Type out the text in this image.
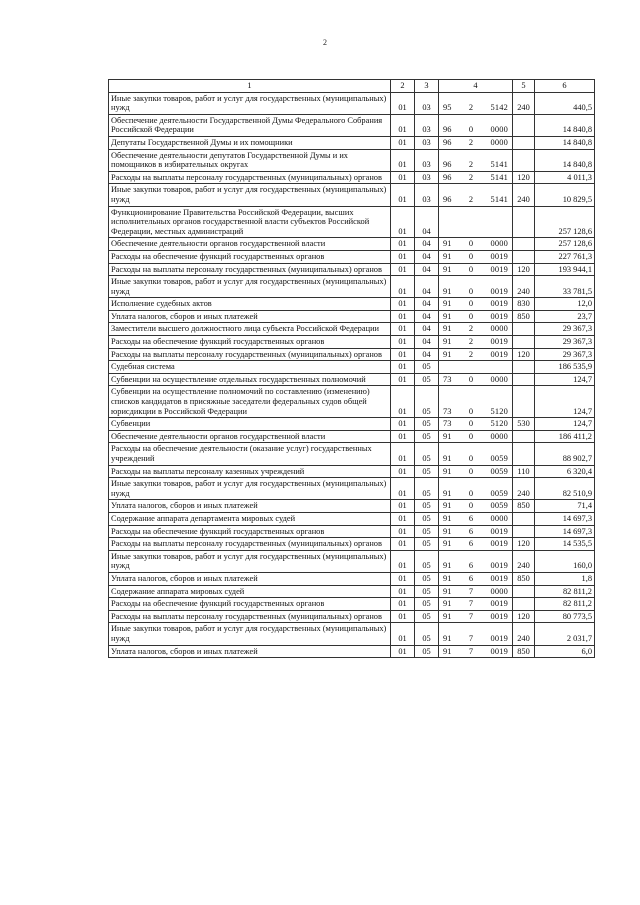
2
1	2	3	4	5	6
Иные закупки товаров, работ и услуг для государственных (муниципальных) нужд	01	03	95 2 5142	240	440,5
Обеспечение деятельности Государственной Думы Федерального Собрания Российской Федерации	01	03	96 0 0000		14 840,8
Депутаты Государственной Думы и их помощники	01	03	96 2 0000		14 840,8
Обеспечение деятельности депутатов Государственной Думы и их помощников в избирательных округах	01	03	96 2 5141		14 840,8
Расходы на выплаты персоналу государственных (муниципальных) органов	01	03	96 2 5141	120	4 011,3
Иные закупки товаров, работ и услуг для государственных (муниципальных) нужд	01	03	96 2 5141	240	10 829,5
Функционирование Правительства Российской Федерации, высших исполнительных органов государственной власти субъектов Российской Федерации, местных администраций	01	04			257 128,6
Обеспечение деятельности органов государственной власти	01	04	91 0 0000		257 128,6
Расходы на обеспечение функций государственных органов	01	04	91 0 0019		227 761,3
Расходы на выплаты персоналу государственных (муниципальных) органов	01	04	91 0 0019	120	193 944,1
Иные закупки товаров, работ и услуг для государственных (муниципальных) нужд	01	04	91 0 0019	240	33 781,5
Исполнение судебных актов	01	04	91 0 0019	830	12,0
Уплата налогов, сборов и иных платежей	01	04	91 0 0019	850	23,7
Заместители высшего должностного лица субъекта Российской Федерации	01	04	91 2 0000		29 367,3
Расходы на обеспечение функций государственных органов	01	04	91 2 0019		29 367,3
Расходы на выплаты персоналу государственных (муниципальных) органов	01	04	91 2 0019	120	29 367,3
Судебная система	01	05			186 535,9
Субвенции на осуществление отдельных государственных полномочий	01	05	73 0 0000		124,7
Субвенции на осуществление полномочий по составлению (изменению) списков кандидатов в присяжные заседатели федеральных судов общей юрисдикции в Российской Федерации	01	05	73 0 5120		124,7
Субвенции	01	05	73 0 5120	530	124,7
Обеспечение деятельности органов государственной власти	01	05	91 0 0000		186 411,2
Расходы на обеспечение деятельности (оказание услуг) государственных учреждений	01	05	91 0 0059		88 902,7
Расходы на выплаты персоналу казенных учреждений	01	05	91 0 0059	110	6 320,4
Иные закупки товаров, работ и услуг для государственных (муниципальных) нужд	01	05	91 0 0059	240	82 510,9
Уплата налогов, сборов и иных платежей	01	05	91 0 0059	850	71,4
Содержание аппарата департамента мировых судей	01	05	91 6 0000		14 697,3
Расходы на обеспечение функций государственных органов	01	05	91 6 0019		14 697,3
Расходы на выплаты персоналу государственных (муниципальных) органов	01	05	91 6 0019	120	14 535,5
Иные закупки товаров, работ и услуг для государственных (муниципальных) нужд	01	05	91 6 0019	240	160,0
Уплата налогов, сборов и иных платежей	01	05	91 6 0019	850	1,8
Содержание аппарата мировых судей	01	05	91 7 0000		82 811,2
Расходы на обеспечение функций государственных органов	01	05	91 7 0019		82 811,2
Расходы на выплаты персоналу государственных (муниципальных) органов	01	05	91 7 0019	120	80 773,5
Иные закупки товаров, работ и услуг для государственных (муниципальных) нужд	01	05	91 7 0019	240	2 031,7
Уплата налогов, сборов и иных платежей	01	05	91 7 0019	850	6,0
